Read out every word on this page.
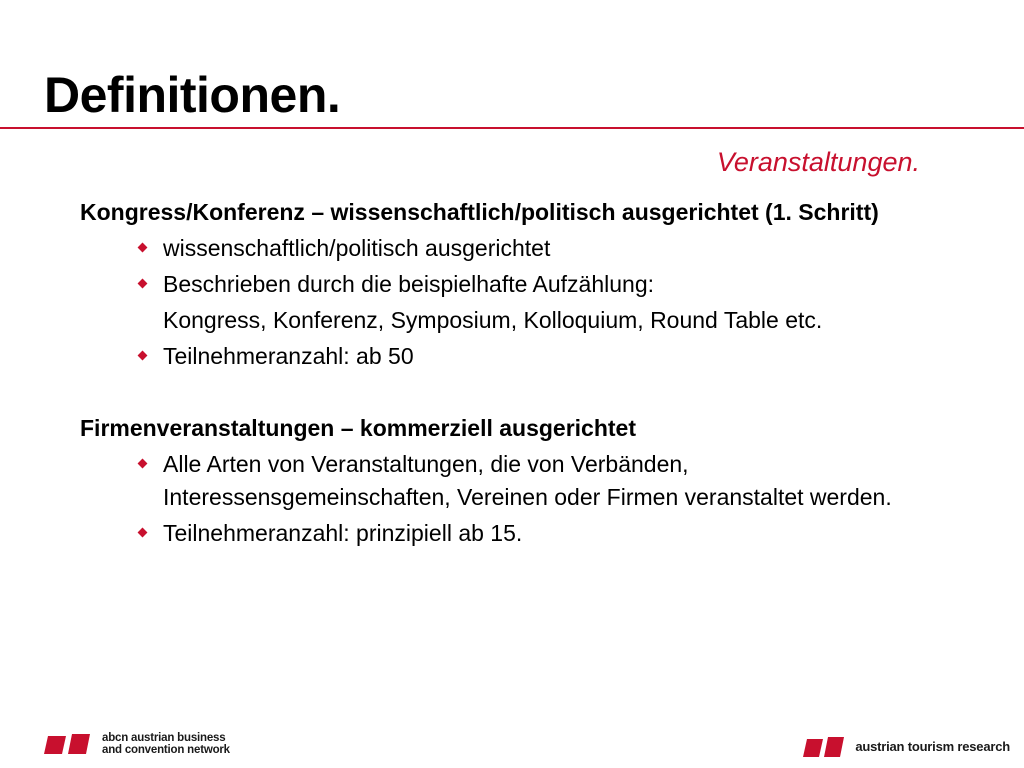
Definitionen.
Veranstaltungen.

Kongress/Konferenz – wissenschaftlich/politisch ausgerichtet (1. Schritt)

wissenschaftlich/politisch ausgerichtet
Beschrieben durch die beispielhafte Aufzählung:

Kongress, Konferenz, Symposium, Kolloquium, Round Table etc.

Teilnehmeranzahl: ab 50

Firmenveranstaltungen – kommerziell ausgerichtet

Alle Arten von Veranstaltungen, die von Verbänden, Interessensgemeinschaften, Vereinen oder Firmen veranstaltet werden.
Teilnehmeranzahl: prinzipiell ab 15.
abcn austrian business
and convention network	austrian tourism research
